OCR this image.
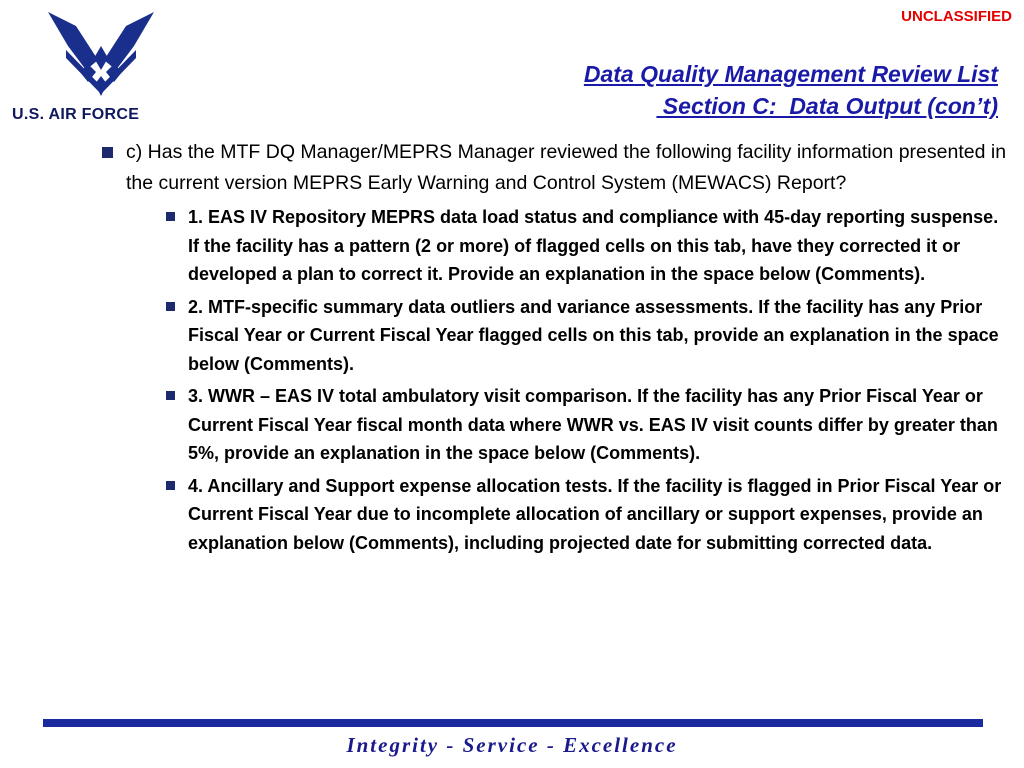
UNCLASSIFIED
U.S. AIR FORCE
Data Quality Management Review List
Section C:  Data Output (con’t)
c) Has the MTF DQ Manager/MEPRS Manager reviewed the following facility information presented in the current version MEPRS Early Warning and Control System (MEWACS) Report?
1. EAS IV Repository MEPRS data load status and compliance with 45-day reporting suspense. If the facility has a pattern (2 or more) of flagged cells on this tab, have they corrected it or developed a plan to correct it. Provide an explanation in the space below (Comments).
2. MTF-specific summary data outliers and variance assessments. If the facility has any Prior Fiscal Year or Current Fiscal Year flagged cells on this tab, provide an explanation in the space below (Comments).
3. WWR – EAS IV total ambulatory visit comparison. If the facility has any Prior Fiscal Year or Current Fiscal Year fiscal month data where WWR vs. EAS IV visit counts differ by greater than 5%, provide an explanation in the space below (Comments).
4. Ancillary and Support expense allocation tests. If the facility is flagged in Prior Fiscal Year or Current Fiscal Year due to incomplete allocation of ancillary or support expenses, provide an explanation below (Comments), including projected date for submitting corrected data.
Integrity - Service - Excellence
